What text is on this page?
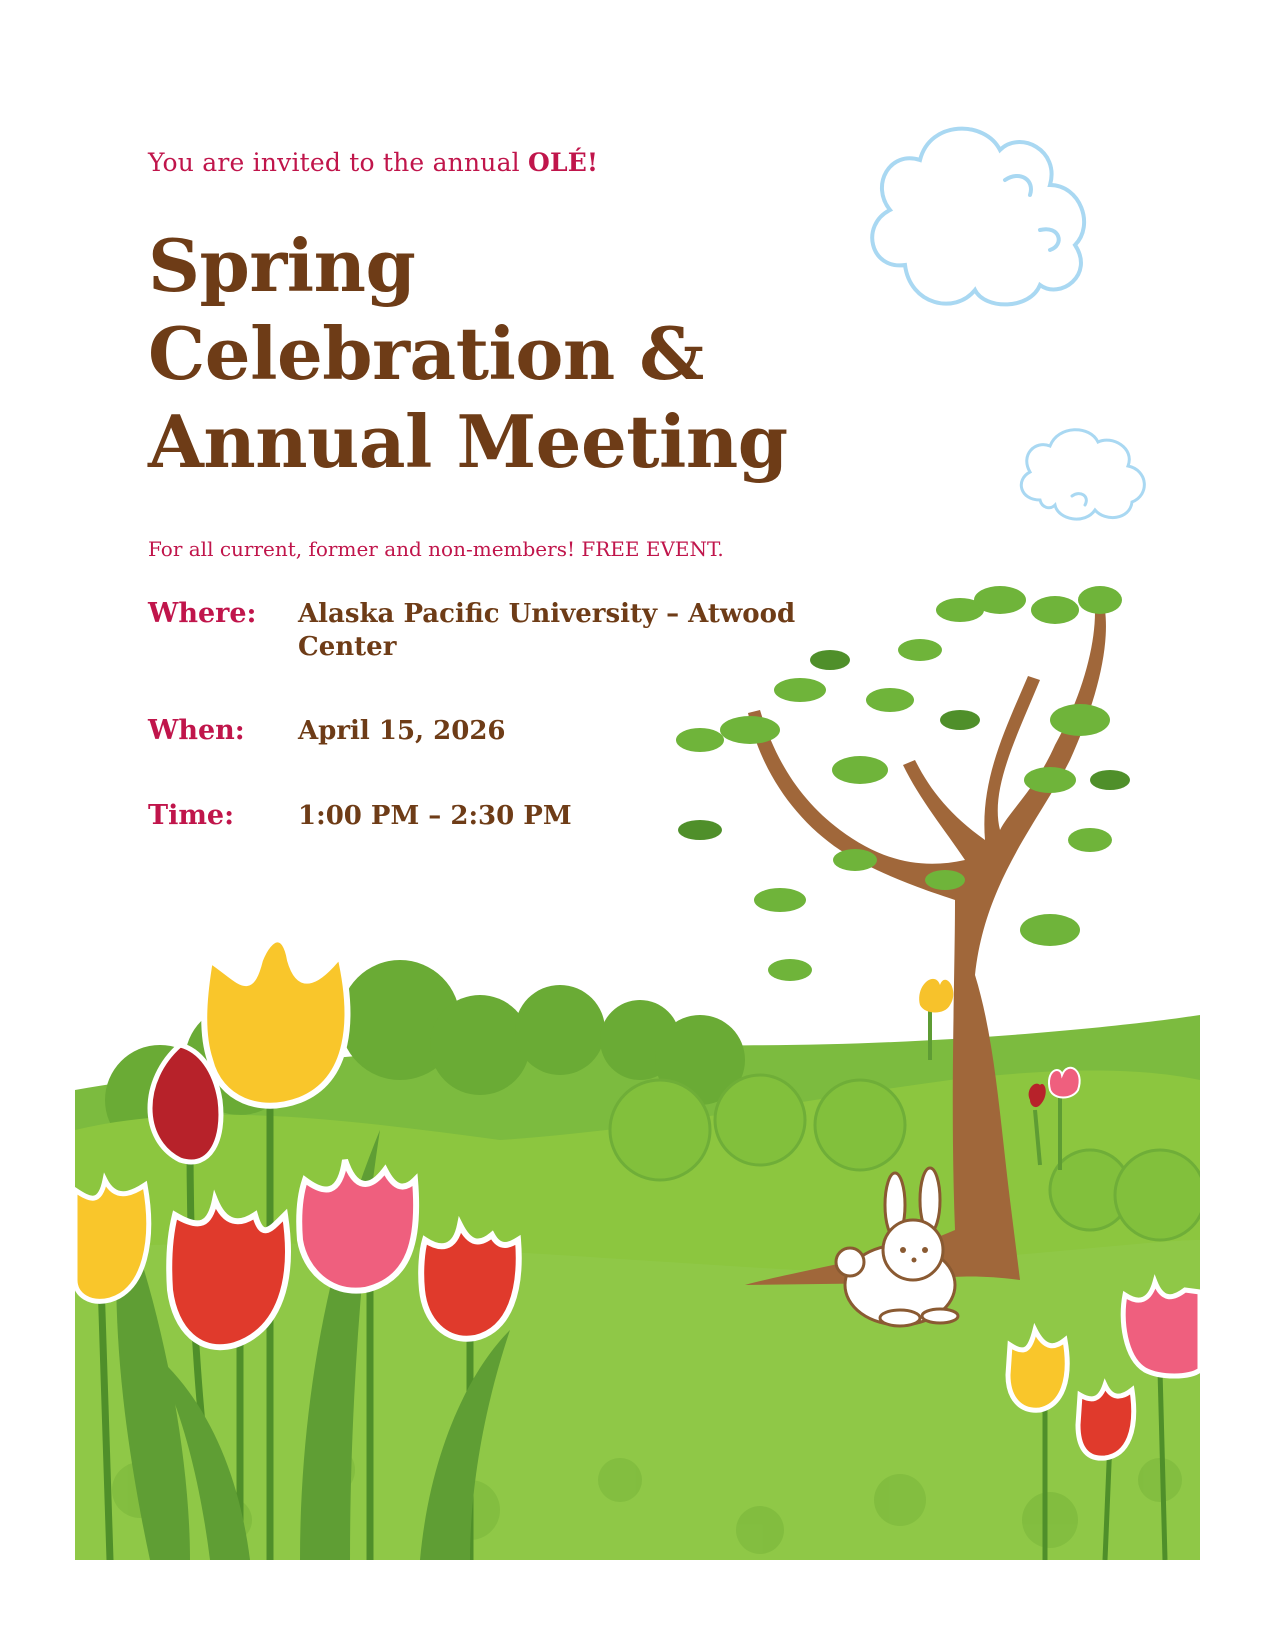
You are invited to the annual OLÉ!
Spring
Celebration &
Annual Meeting
For all current, former and non-members! FREE EVENT.
Where: Alaska Pacific University – Atwood Center
When: April 15, 2026
Time: 1:00 PM – 2:30 PM
